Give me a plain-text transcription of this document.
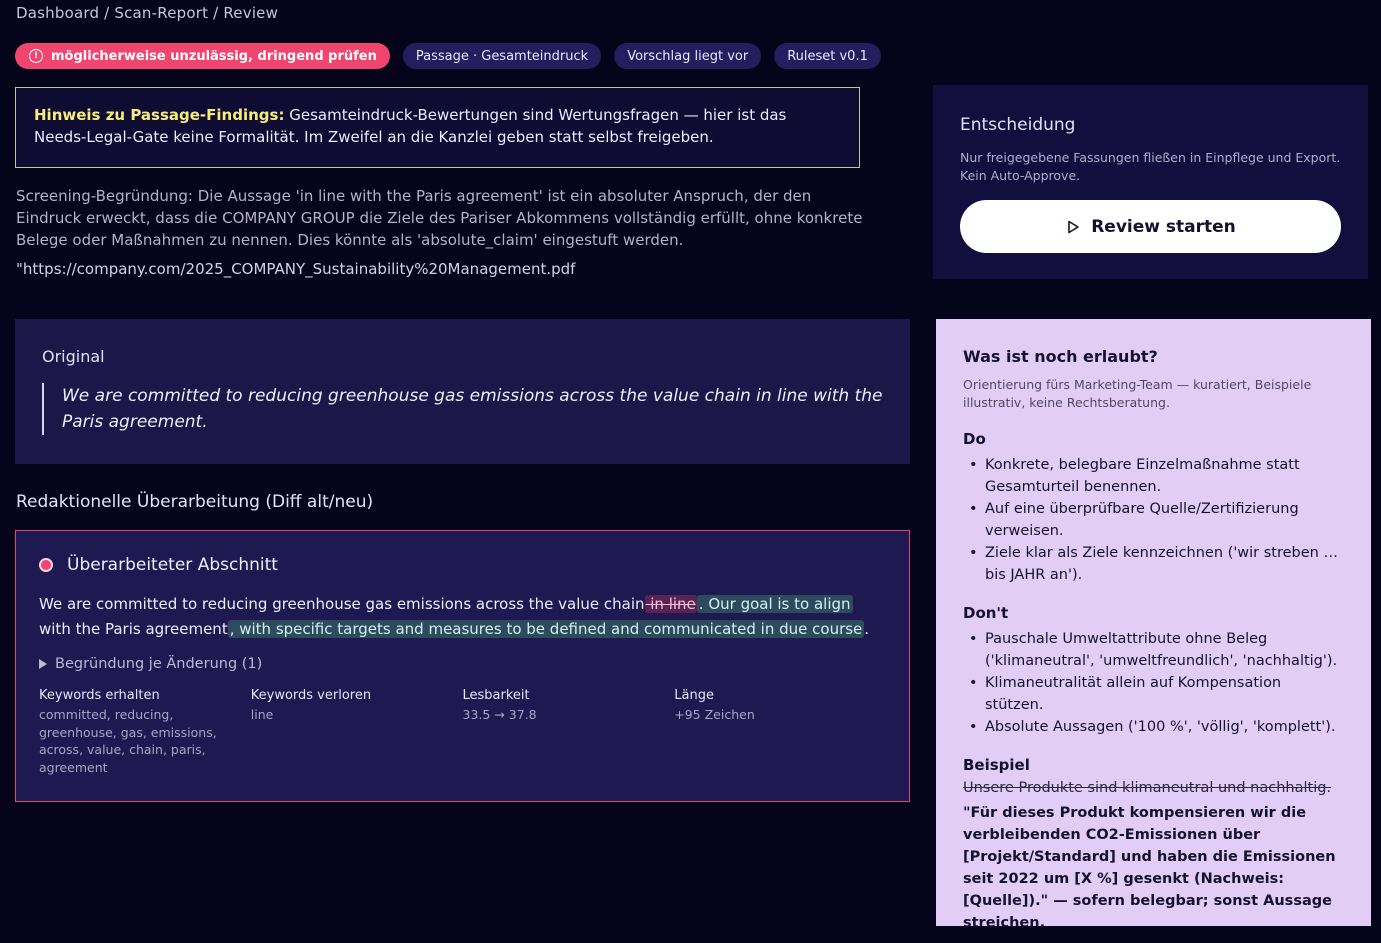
Dashboard / Scan-Report / Review
! möglicherweise unzulässig, dringend prüfen	Passage · Gesamteindruck	Vorschlag liegt vor	Ruleset v0.1
Hinweis zu Passage-Findings: Gesamteindruck-Bewertungen sind Wertungsfragen — hier ist das Needs-Legal-Gate keine Formalität. Im Zweifel an die Kanzlei geben statt selbst freigeben.
Screening-Begründung: Die Aussage 'in line with the Paris agreement' ist ein absoluter Anspruch, der den Eindruck erweckt, dass die COMPANY GROUP die Ziele des Pariser Abkommens vollständig erfüllt, ohne konkrete Belege oder Maßnahmen zu nennen. Dies könnte als 'absolute_claim' eingestuft werden.
"https://company.com/2025_COMPANY_Sustainability%20Management.pdf
Entscheidung

Nur freigegebene Fassungen fließen in Einpflege und Export. Kein Auto-Approve.

Review starten
Original
We are committed to reducing greenhouse gas emissions across the value chain in line with the Paris agreement.
Redaktionelle Überarbeitung (Diff alt/neu)
Überarbeiteter Abschnitt
We are committed to reducing greenhouse gas emissions across the value chain in line . Our goal is to align with the Paris agreement , with specific targets and measures to be defined and communicated in due course .
Begründung je Änderung (1)
Keywords erhalten
committed, reducing, greenhouse, gas, emissions, across, value, chain, paris, agreement
Keywords verloren
line
Lesbarkeit
33.5 → 37.8
Länge
+95 Zeichen
Was ist noch erlaubt?
Orientierung fürs Marketing-Team — kuratiert, Beispiele illustrativ, keine Rechtsberatung.
Do
• Konkrete, belegbare Einzelmaßnahme statt Gesamturteil benennen.
• Auf eine überprüfbare Quelle/Zertifizierung verweisen.
• Ziele klar als Ziele kennzeichnen ('wir streben … bis JAHR an').
Don't
• Pauschale Umweltattribute ohne Beleg ('klimaneutral', 'umweltfreundlich', 'nachhaltig').
• Klimaneutralität allein auf Kompensation stützen.
• Absolute Aussagen ('100 %', 'völlig', 'komplett').
Beispiel
Unsere Produkte sind klimaneutral und nachhaltig.
"Für dieses Produkt kompensieren wir die verbleibenden CO2-Emissionen über [Projekt/Standard] und haben die Emissionen seit 2022 um [X %] gesenkt (Nachweis: [Quelle])." — sofern belegbar; sonst Aussage streichen.
